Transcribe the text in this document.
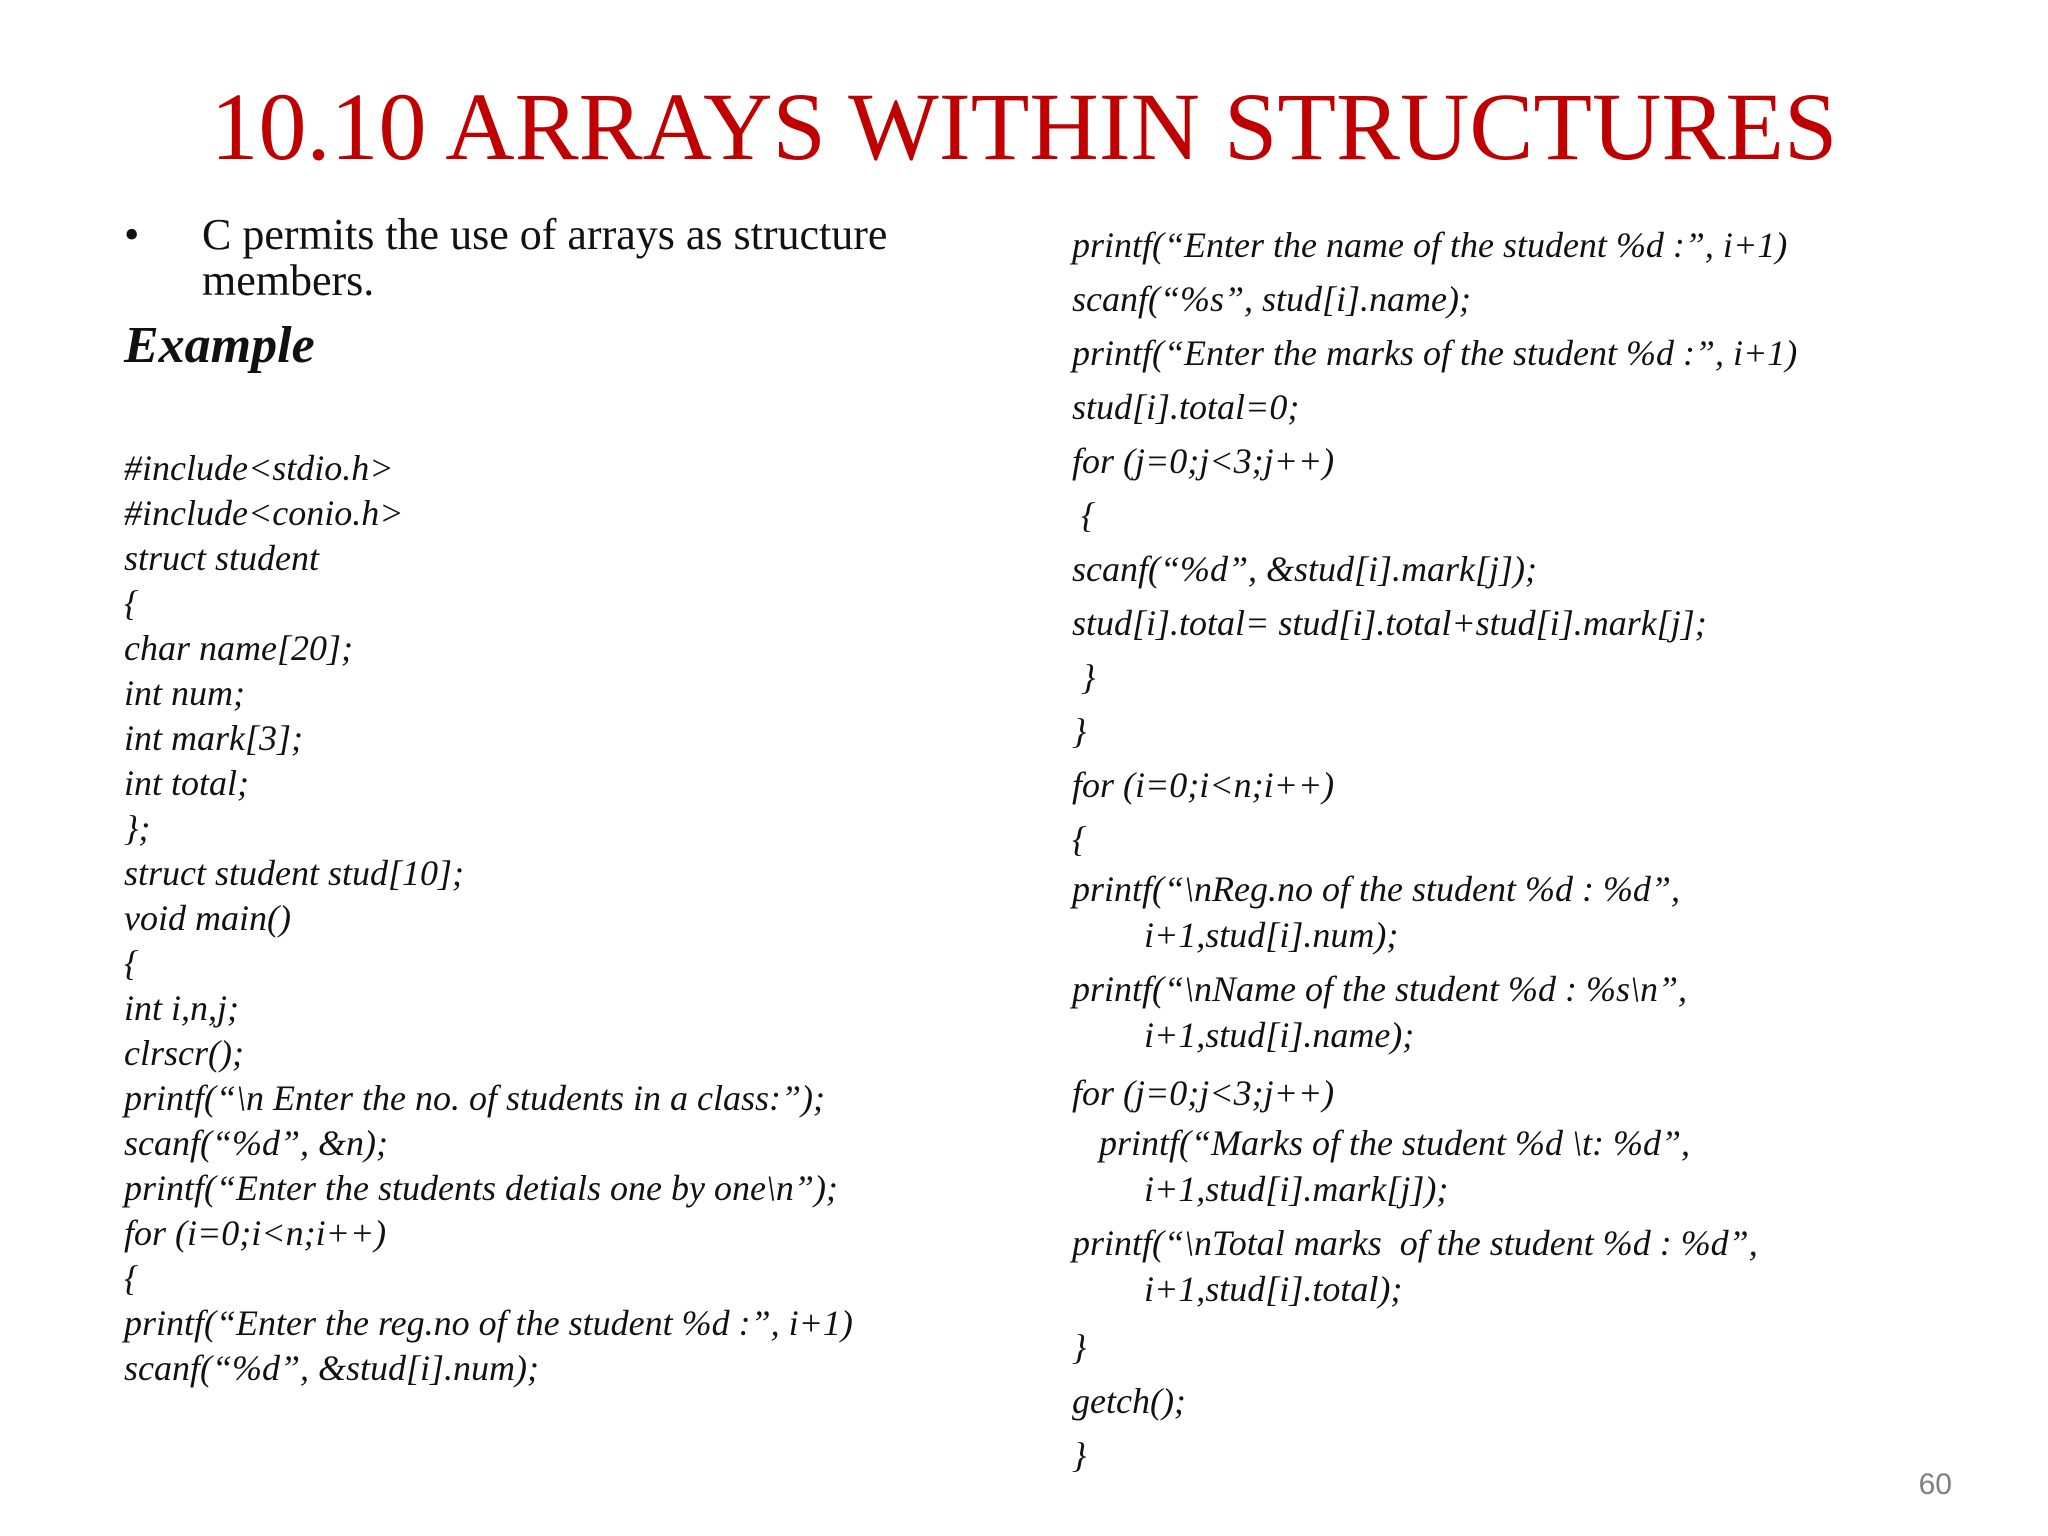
10.10 ARRAYS WITHIN STRUCTURES
• C permits the use of arrays as structure
members.
Example
#include<stdio.h>
#include<conio.h>
struct student
{
char name[20];
int num;
int mark[3];
int total;
};
struct student stud[10];
void main()
{
int i,n,j;
clrscr();
printf(“\n Enter the no. of students in a class:”);
scanf(“%d”, &n);
printf(“Enter the students detials one by one\n”);
for (i=0;i<n;i++)
{
printf(“Enter the reg.no of the student %d :”, i+1)
scanf(“%d”, &stud[i].num);
printf(“Enter the name of the student %d :”, i+1)
scanf(“%s”, stud[i].name);
printf(“Enter the marks of the student %d :”, i+1)
stud[i].total=0;
for (j=0;j<3;j++)
{
scanf(“%d”, &stud[i].mark[j]);
stud[i].total= stud[i].total+stud[i].mark[j];
}
}
for (i=0;i<n;i++)
{
printf(“\nReg.no of the student %d : %d”,
i+1,stud[i].num);
printf(“\nName of the student %d : %s\n”,
i+1,stud[i].name);
for (j=0;j<3;j++)
printf(“Marks of the student %d \t: %d”,
i+1,stud[i].mark[j]);
printf(“\nTotal marks  of the student %d : %d”,
i+1,stud[i].total);
}
getch();
}
60
